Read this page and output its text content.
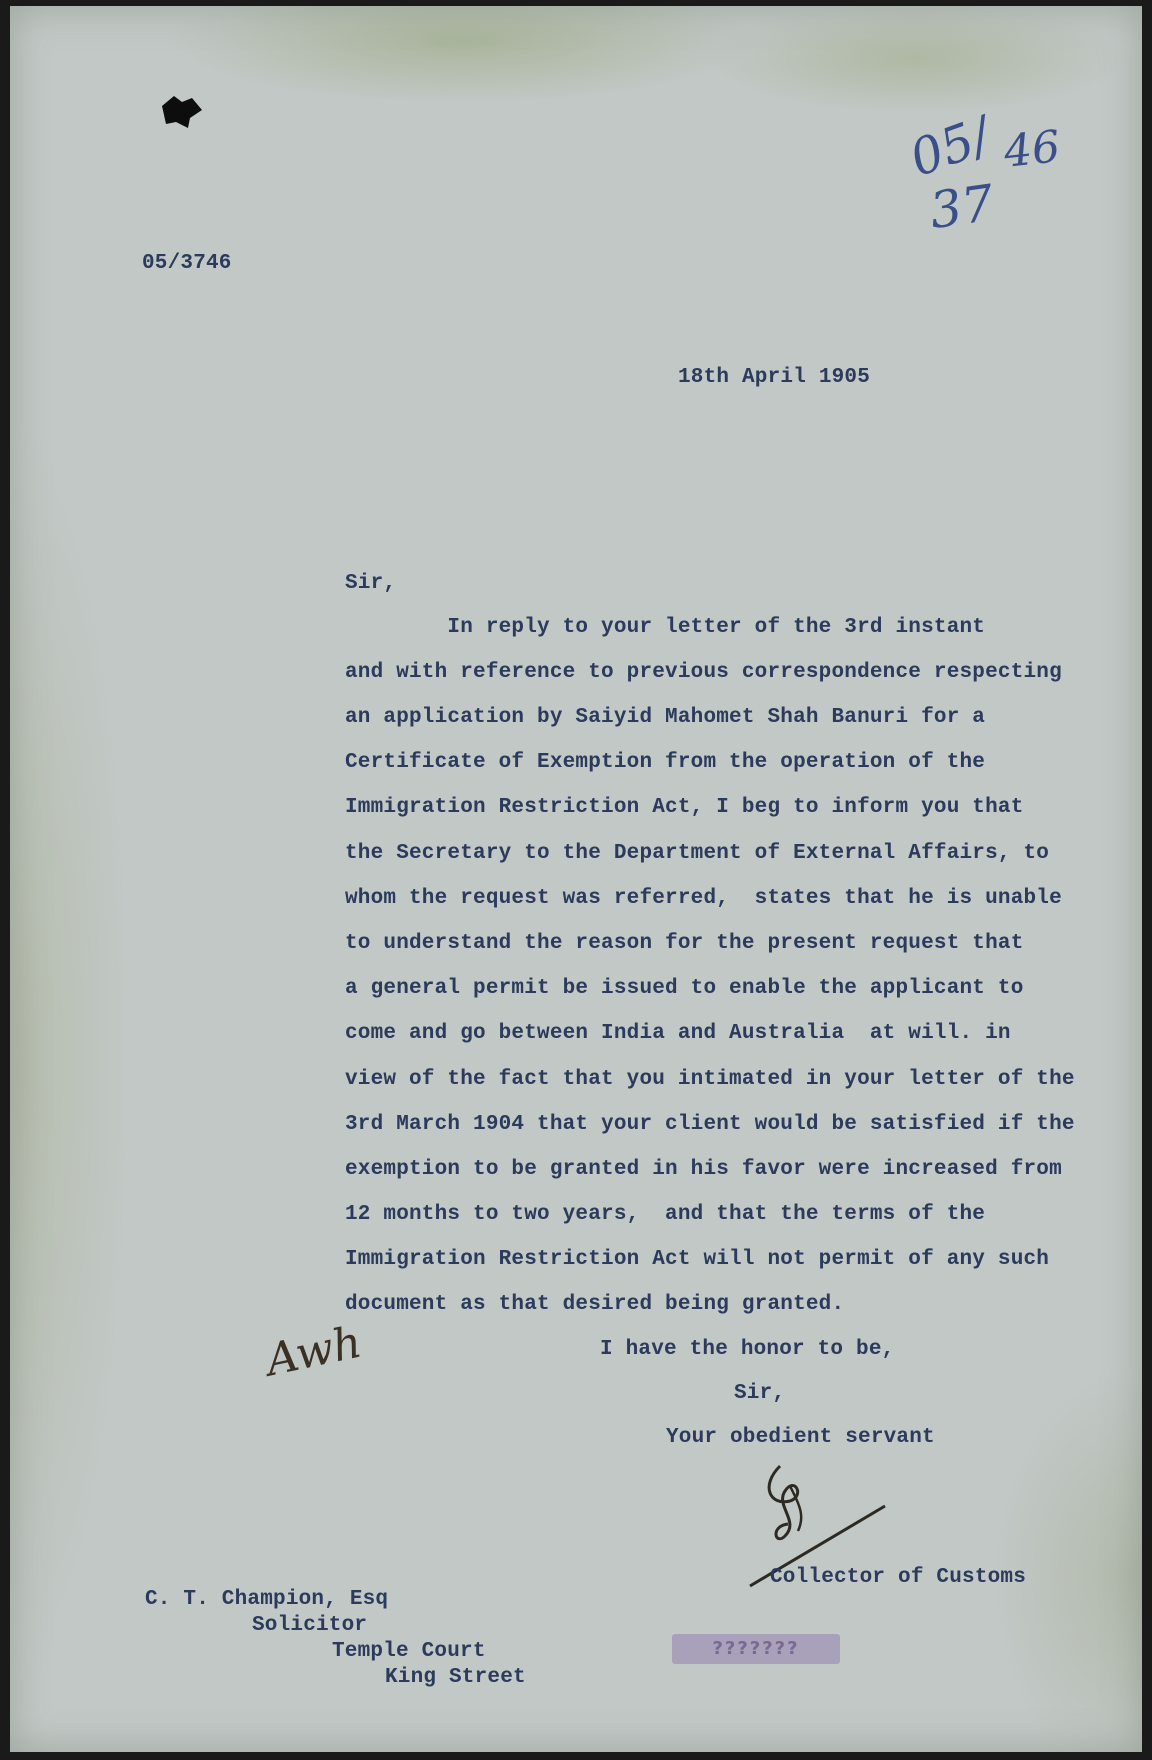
05/3746

05/
37
46

18th April 1905

Sir,

In reply to your letter of the 3rd instant

and with reference to previous correspondence respecting

an application by Saiyid Mahomet Shah Banuri for a

Certificate of Exemption from the operation of the

Immigration Restriction Act, I beg to inform you that

the Secretary to the Department of External Affairs, to

whom the request was referred,  states that he is unable

to understand the reason for the present request that

a general permit be issued to enable the applicant to

come and go between India and Australia  at will. in

view of the fact that you intimated in your letter of the

3rd March 1904 that your client would be satisfied if the

exemption to be granted in his favor were increased from

12 months to two years,  and that the terms of the

Immigration Restriction Act will not permit of any such

document as that desired being granted.

I have the honor to be,

Sir,

Your obedient servant

Collector of Customs

Awh

C. T. Champion, Esq

Solicitor

Temple Court

King Street

???????
